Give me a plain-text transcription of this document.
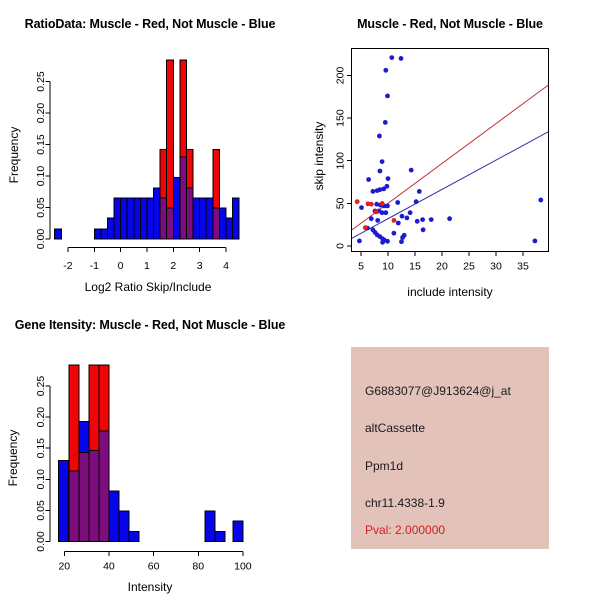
RatioData: Muscle - Red, Not Muscle - Blue
Frequency
Log2 Ratio Skip/Include
-2 -1 0 1 2 3 4
0.00
0.05
0.10
0.15
0.20
0.25
Muscle - Red, Not Muscle - Blue
skip intensity
include intensity
5 10 15 20 25 30 35
0
50
100
150
200
Gene Itensity: Muscle - Red, Not Muscle - Blue
Frequency
Intensity
20	40	60	80	100
0.00
0.05
0.10
0.15
0.20
0.25	G6883077@J913624@j_at
altCassette
Ppm1d
chr11.4338-1.9
Pval: 2.000000
